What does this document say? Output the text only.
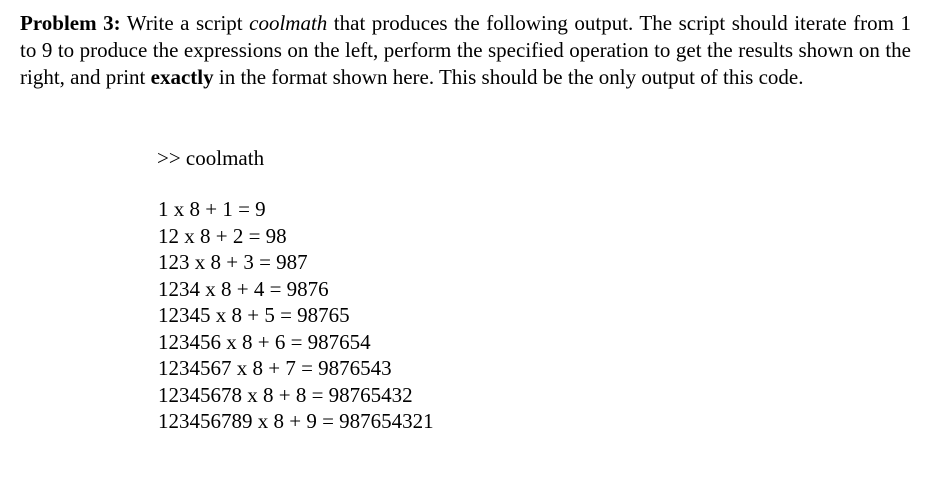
Problem 3: Write a script coolmath that produces the following output. The script should iterate from 1 to 9 to produce the expressions on the left, perform the specified operation to get the results shown on the right, and print exactly in the format shown here. This should be the only output of this code.

>> coolmath
1 x 8 + 1 = 9
12 x 8 + 2 = 98
123 x 8 + 3 = 987
1234 x 8 + 4 = 9876
12345 x 8 + 5 = 98765
123456 x 8 + 6 = 987654
1234567 x 8 + 7 = 9876543
12345678 x 8 + 8 = 98765432
123456789 x 8 + 9 = 987654321
